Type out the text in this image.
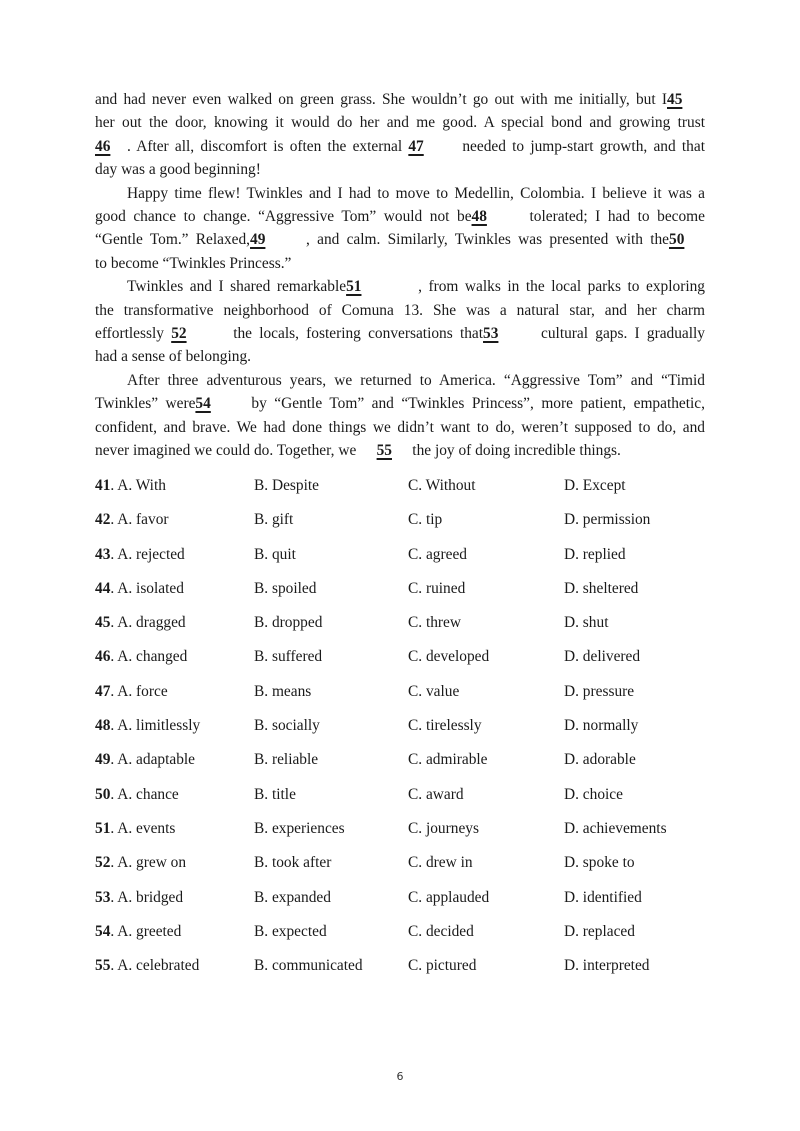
and had never even walked on green grass. She wouldn’t go out with me initially, but I45
her out the door, knowing it would do her and me good. A special bond and growing trust
46 . After all, discomfort is often the external 47	needed to jump-start growth, and that
day was a good beginning!
Happy time flew! Twinkles and I had to move to Medellin, Colombia. I believe it was a
good chance to change. “Aggressive Tom” would not be48	tolerated; I had to become
“Gentle Tom.” Relaxed,49	, and calm. Similarly, Twinkles was presented with the50
to become “Twinkles Princess.”
Twinkles and I shared remarkable51	, from walks in the local parks to exploring
the transformative neighborhood of Comuna 13. She was a natural star, and her charm
effortlessly 52	the locals, fostering conversations that53	cultural gaps. I gradually
had a sense of belonging.
After three adventurous years, we returned to America. “Aggressive Tom” and “Timid
Twinkles” were54	by “Gentle Tom” and “Twinkles Princess”, more patient, empathetic,
confident, and brave. We had done things we didn’t want to do, weren’t supposed to do, and
never imagined we could do. Together, we 55 the joy of doing incredible things.
41. A. With	B. Despite	C. Without	D. Except
42. A. favor	B. gift	C. tip	D. permission
43. A. rejected	B. quit	C. agreed	D. replied
44. A. isolated	B. spoiled	C. ruined	D. sheltered
45. A. dragged	B. dropped	C. threw	D. shut
46. A. changed	B. suffered	C. developed	D. delivered
47. A. force	B. means	C. value	D. pressure
48. A. limitlessly	B. socially	C. tirelessly	D. normally
49. A. adaptable	B. reliable	C. admirable	D. adorable
50. A. chance	B. title	C. award	D. choice
51. A. events	B. experiences	C. journeys	D. achievements
52. A. grew on	B. took after	C. drew in	D. spoke to
53. A. bridged	B. expanded	C. applauded	D. identified
54. A. greeted	B. expected	C. decided	D. replaced
55. A. celebrated	B. communicated	C. pictured	D. interpreted
6
